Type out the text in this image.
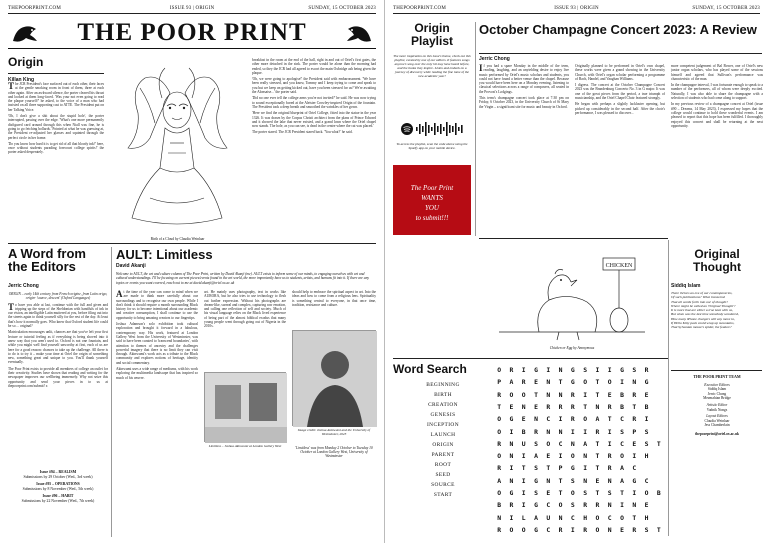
THEPOORPRINT.COM	ISSUE 93 | ORIGIN	SUNDAY, 15 OCTOBER 2023
THE POOR PRINT
Origin
Killan King

The JCR President's face surfaced out of each other, their faces at the gentle smoking room in front of them, three at each other again. After an awkward silence, the porter cleared his throat and looked at them long-faced. 'Was your not even going to read the plaque yourself?' he asked, to the voice of a man who had insisted on all three supporting cast to ATTE. The President put on her Talking Voice.

'Oh, I don't give a shit about the stupid hole', the porter interrupted, passing over the edge. 'What's one more permanently disfigured card around through this when Niall was fine, he is going to go fetching bollards.' Pointed at what he was guessing at, the President re-adjusted her glasses and squinted through the perfect circle in her frame.

'Do you know how hard it is to get rid of all that bloody ink?' here, once without students parading forecourt college spirits!' the porter asked desperately.

Birth of a Cloud by Claudia Weinlaar

breakfast in the room at the end of the hall, right in and out of Oriel's first gates, the other more detached in the sink. The porter would be alone than the morning had ended, so they the JCR had all agreed to escort the main Oxbridge ash being given the plaque.

'Oh, we were going to apologise!' the President said with embarrassment. 'We have been really stressed, and you know, Tommy and I keep trying to come and speak to you but we keep on getting kicked out, have you been stressed for us? We're awaiting the Alonsaise...' the porter said.

'Did no one ever tell the college arms you're not invited?' he said. He was now trying to sound exceptionally bored at the Aleister Crowley-inspired Origin of the fountain. The President took a deep breath and smoothed the wrinkles of her gown.

'Here we find the original blueprint of Oriel College, fitted into the statue in the year 1326. It was drawn by the Corpus Christi architect from the plans of Prince Edward and it showed the lake that never existed, and a grand lawn where the Oriel chapel now stands. The hole, as you can see, is dead in the centre where the cat was placed.'

The porter stared. The JCR President stared back. 'You what?' he said.

A Word from the Editors
Jerric Chong

ORIGIN – early 14th century from French origine, from Latin origo, origin- 'source, descent' (Oxford Languages)

To have you able at last, continue with the full and given and tripping up the steps of the Sheldonian with handfuls of ink in our vision, an intelligible Latin muttered at you, before filing out into the streets again to think yourself silly for the rest of the day. At least that's how it normally goes. Who knew that Oxford student life could be so… original?

Matriculation encourages unlit, chances are that you've left your first lecture or tutorial feeling as if everything is being shoved into it anew way that you aren't used to. Oxford is not one fountain, and while you might well find yourself unworthy at first, each of us are here for a good reason: chances to take up the challenge. All there is to do is to try it – make your time at Oriel the origin of something new, something great and unique to you. You'll thank yourself eventually.

The Poor Print exists to provide all members of college an outlet for their creativity. Studies have shown that reading and writing for the newspaper improves our wellbeing immensely. Why not seize this opportunity and send your pieces in to us at thepoorprint.com/submit! x

Issue #94 – REALISM
Submissions by 29 October (Wed., 3rd week)
Issue #95 – OPERATIONS
Submissions by 8 November (Wed., 5th week)
Issue #96 – HABIT
Submissions by 22 November (Wed., 7th week)
AULT: Limitless
David Akanji
Welcome to AULT, the art and culture column of The Poor Print, written by David Akanji (me). AULT exists to inform some of our minds, to engaging ourselves with art and cultural understandings. I'll be focusing on current pieces/events found in the art world, the more importantly have us to students, artists, and humans fit into it. If there are any topics or events you want covered, reach out to me at david.akanji@oriel.ox.ac.uk

At the time of the year can come to mind when we are made to think more carefully about our surroundings and to recognise our own people. While I don't think it should require a month surrounding Black history for us to become intentional about our academic and creative consumption, I shall continue to use the opportunity to bring amazing creators to our fingertips.

Joshua Adamson's solo exhibition took cultural exploration and brought it forward in a fabulous, contemporary way. His work, featured at London Gallery West from the University of Westminster, was said to have been curated to 'transcend boundaries', with attention to themes of ancestry and the challenges powerful imagery that there is no limit they can visit through. Akinwumi's work acts as a tribute to the Black community and explores notions of heritage, identity and social commentary.

Akinwumi uses a wide range of mediums, with his work exploring the multimedia landscape that has inspired so much of his oeuvre.

art. He mainly uses photography, text in works like AURORA, but he also tries to use technology to flesh out further expression. Without his photographs are dream-like, surreal and complex, capturing raw emotion, and calling one reflection of self and society. Much of his visual language relies on the Black lived experience of being part of the almost biblical exodus that many young people went through going out of Nigeria in the 2010s.

Limitless – Joshua Akinwumi at London Gallery West

should help to embrace the spiritual aspect in art. Into the ideas and how to come from a religious lens. Spirituality is something central to everyone, in that once time, tradition, resistance and culture.

Image credit: Joshua Akinwumi and the University of Westminster, 2023
'Limitless' was from Monday 2 October to Tuesday 10 October at London Gallery West, University of Westminster
THEPOORPRINT.COM	ISSUE 93 | ORIGIN	SUNDAY, 15 OCTOBER 2023
Origin Playlist
The more inspiration on this issue's theme, check out this playlist, curated by one of our editors. It features songs anyone's song over the only hit may have heard before, and the books they inspire. Listen and embark on a journey of discovery while reading the fine tome of the new academic year!
To access the playlist, scan the code above using the Spotify app on your mobile device.
The Poor Print
WANTS
YOU
to submit!!!
October Champagne Concert 2023: A Review
Jerric Chong

If you had a spare Monday in the middle of the term, reading, laughing, and an unyielding desire to enjoy live music performed by Oriel's music scholars and students, you could not have found a better venue than the chapel. Because you would have been here on a Monday evening, listening to classical selections across a range of composers, all seated in the Provost's Lodgings.

This term's champagne concert took place at 7:30 pm on Friday, 6 October 2023, in the University Church of St Mary the Virgin – a significant site for music and beauty in Oxford.

Originally planned to be performed in Oriel's own chapel, these works were given a grand showing in the University Church, with Oriel's organ scholar performing a programme of Bach, Handel, and Vaughan Williams.

I digress. The concert at the October Champagne Concert 2023 was the Brandenburg Concerto No. 3 in G major. It was one of the great pieces from the period, a true triumph of musicianship, and the Oriel Chapel Choir featured strongly.

He began with perhaps a slightly lackluster opening, but picked up considerably in the second half. After the choir's performance, I was pleased to discover...

more competent judgement of Bal Bower, one of Oriel's new junior organ scholars, who has played some of the sessions himself and agreed that Sullivan's performance was characteristic of the man.

In the champagne interval, I was fortunate enough to speak to a number of the performers, all of whom were deeply excited. Naturally, I was also able to share the champagne with a selection of students who had come along to support.

In my previous review of a champagne concert at Oriel (issue #90 – Dreams, 14 May 2023), I expressed my hopes that the college would continue to hold these wonderful events. I am pleased to report that this hope has been fulfilled. I thoroughly enjoyed this concert and shall be returning at the next opportunity.

CHICKEN
Chicken or Egg by Anonymous
Original Thought
Siddiq Islam
There thrives an era of our contemporaries,
Of such publications? What transcend
That all words forth into our of thought?
Where might be called an 'Original Thought'?
It is more that are either a true knot with us,
But when was the last time somebody wondered,
How many iPhone chargers will any move to,
If Hello Kitty pack could wrap up mountains,
That Sylvanian mouse's spider, the feature?
THE POOR PRINT TEAM
Executive Editors
Siddiq Islam
Jerric Chong
Mezmahian Bridge
Artistic Editor
Vadnik Nongs
Layout Editors
Claudia Weinlaar
Jess Chamberlain
thepoorprint@oriel.ox.ac.uk
Word Search
BEGINNING
BIRTH
CREATION
GENESIS
INCEPTION
LAUNCH
ORIGIN
PARENT
ROOT
SEED
SOURCE
START
O	R	I	G	I	N	G	S	I	I	G	S	R
P	A	R	E	N	T	G	O	T	O	I	N	G
R	O	O	T	N	N	R	I	T	E	B	R	E
T	E	N	E	R	R	R	T	N	R	B	T	B
O	G	E	N	C	I	R	O	A	T	C	R	I
O	I	B	R	N	N	I	I	R	I	S	P	S
R	N	U	S	O	C	N	A	T	I	C	E	S	T
O	N	I	A	E	I	O	N	T	R	O	I	H
R	I	T	S	T	P	G	I	T	R	A	C
A	N	I	G	N	T	S	N	E	N	A	G	C
O	G	I	S	E	T	O	S	T	S	T	I	O	B
B	R	I	G	C	O	S	R	R	N	I	N	E
N	I	L	A	U	N	C	H	O	C	O	T	H
R	O	O	G	C	R	I	R	O	N	E	R	S	T
